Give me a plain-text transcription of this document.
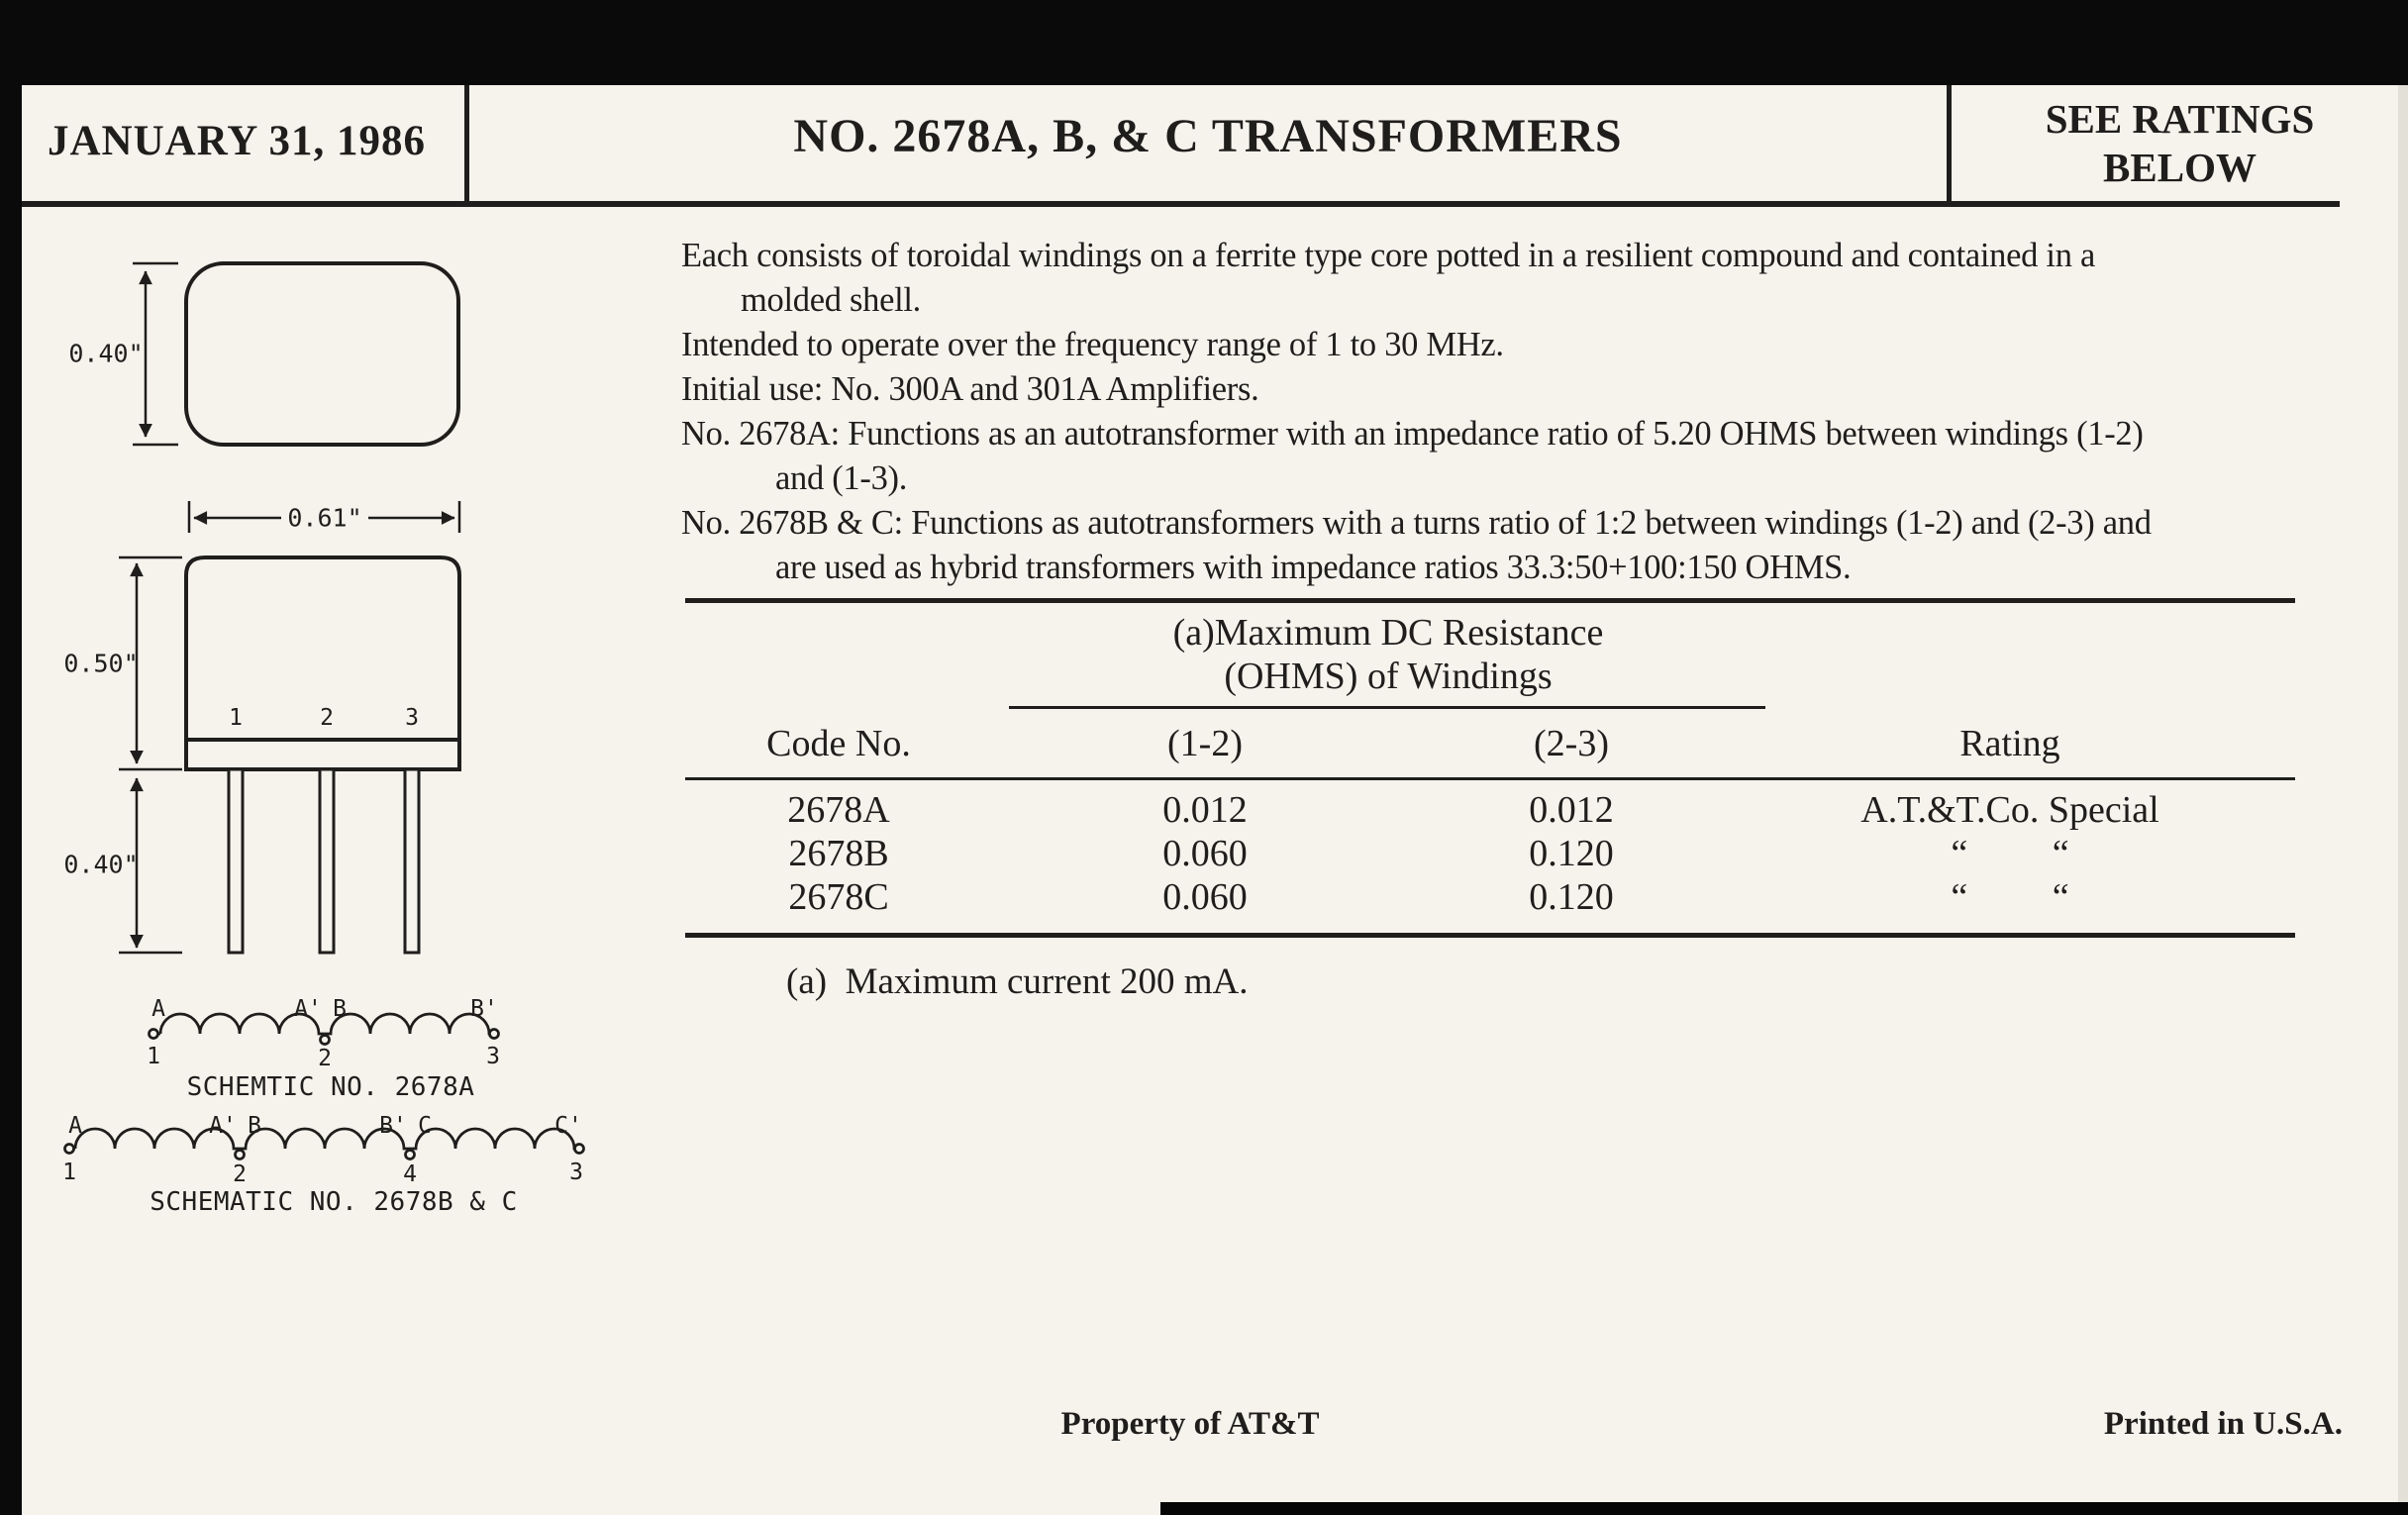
JANUARY 31, 1986	NO. 2678A, B, & C TRANSFORMERS	SEE RATINGS
BELOW
Each consists of toroidal windings on a ferrite type core potted in a resilient compound and contained in a
molded shell.
Intended to operate over the frequency range of 1 to 30 MHz.
Initial use: No. 300A and 301A Amplifiers.
No. 2678A: Functions as an autotransformer with an impedance ratio of 5.20 OHMS between windings (1-2)
and (1-3).
No. 2678B & C: Functions as autotransformers with a turns ratio of 1:2 between windings (1-2) and (2-3) and
are used as hybrid transformers with impedance ratios 33.3:50+100:150 OHMS.
0.40"
0.61"
0.50"
0.40"
1	2	3
A	A' B	B'
1	2	3
SCHEMTIC NO. 2678A
A	A' B	B' C	C'
1	2	4	3
SCHEMATIC NO. 2678B & C
(a)Maximum DC Resistance
(OHMS) of Windings
Code No.	(1-2)	(2-3)	Rating
2678A	0.012	0.012	A.T.&T.Co. Special
2678B	0.060	0.120	“         “
2678C	0.060	0.120	“         “
(a)  Maximum current 200 mA.
Property of AT&T	Printed in U.S.A.
